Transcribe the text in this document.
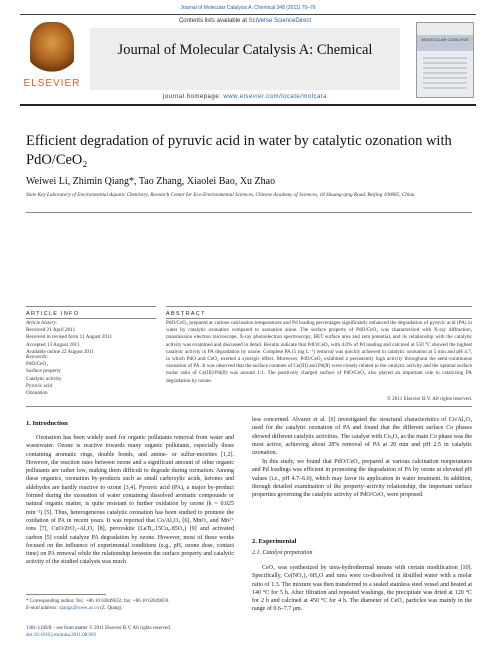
Journal of Molecular Catalysis A: Chemical 348 (2011) 70–76
ELSEVIER
Contents lists available at SciVerse ScienceDirect
Journal of Molecular Catalysis A: Chemical
journal homepage: www.elsevier.com/locate/molcata
MOLECULAR CATALYSIS
Efficient degradation of pyruvic acid in water by catalytic ozonation with PdO/CeO₂
Weiwei Li, Zhimin Qiang*, Tao Zhang, Xiaolei Bao, Xu Zhao
State Key Laboratory of Environmental Aquatic Chemistry, Research Center for Eco-Environmental Sciences, Chinese Academy of Sciences, 18 Shuang-qing Road, Beijing 100085, China
ARTICLE INFO
Article history:
Received 21 April 2011
Received in revised form 11 August 2011
Accepted 13 August 2011
Available online 22 August 2011
Keywords:
PdO/CeO₂
Surface property
Catalytic activity
Pyruvic acid
Ozonation
ABSTRACT
PdO/CeO₂ prepared at various calcination temperatures and Pd loading percentages significantly enhanced the degradation of pyruvic acid (PA) in water by catalytic ozonation compared to ozonation alone. The surface property of PdO/CeO₂ was characterized with X-ray diffraction, transmission electron microscope, X-ray photoelectron spectroscopy, BET surface area and zeta potential, and its relationship with the catalytic activity was examined and discussed in detail. Results indicate that PdO/CeO₂ with 4.0% of Pd loading and calcined at 550 °C showed the highest catalytic activity in PA degradation by ozone. Complete PA (5 mg L⁻¹) removal was quickly achieved in catalytic ozonation at 5 min and pH 4.7, in which PdO and CeO₂ exerted a synergic effect. Moreover, PdO/CeO₂ exhibited a persistently high activity throughout the semi-continuous ozonation of PA. It was observed that the surface contents of Ce(III) and Pd(II) were closely related to the catalytic activity and the optimal surface molar ratio of Ce(III)/Pd(II) was around 1:1. The positively charged surface of PdO/CeO₂ also played an important role in catalyzing PA degradation by ozone.
© 2011 Elsevier B.V. All rights reserved.
1. Introduction
Ozonation has been widely used for organic pollutants removal from water and wastewater. Ozone is reactive towards many organic pollutants, especially those containing aromatic rings, double bonds, and amine- or sulfur-moieties [1,2]. However, the reaction rates between ozone and a significant amount of other organic pollutants are rather low, making them difficult to degrade during ozonation. Among these organics, ozonation by-products such as small carboxylic acids, ketones and aldehydes are hardly reactive to ozone [3,4]. Pyruvic acid (PA), a major by-product formed during the ozonation of water containing dissolved aromatic compounds or natural organic matter, is quite resistant to further oxidation by ozone (k = 0.025 min⁻¹) [5]. Thus, heterogeneous catalytic ozonation has been studied to promote the oxidation of PA in recent years. It was reported that Co/Al₂O₃ [6], MnO₂ and Mn²⁺ ions [7], CuO/ZrO₂–Al₂O₃ [8], perovskite (LaTi₀.15Cu₀.85O₃) [9] and activated carbon [5] could catalyze PA degradation by ozone. However, most of these works focused on the influence of experimental conditions (e.g., pH, ozone dose, contact time) on PA removal while the relationship between the surface property and catalytic activity of the studied catalysts was much
less concerned. Alvarez et al. [6] investigated the structural characteristics of Co/Al₂O₃ used for the catalytic ozonation of PA and found that the different surface Co phases showed different catalytic activities. The catalyst with Co₃O₄ as the main Co phase was the most active, achieving about 28% removal of PA at 20 min and pH 2.5 in catalytic ozonation.
In this study, we found that PdO/CeO₂ prepared at various calcination temperatures and Pd loadings was efficient in promoting the degradation of PA by ozone at elevated pH values (i.e., pH 4.7–6.0), which may favor its application in water treatment. In addition, through detailed examination of the property–activity relationship, the important surface properties governing the catalytic activity of PdO/CeO₂ were proposed.
2. Experimental
2.1. Catalyst preparation
CeO₂ was synthesized by urea-hydrothermal means with certain modification [10]. Specifically, Ce(NO₃)₃·6H₂O and urea were co-dissolved in distilled water with a molar ratio of 1:3. The mixture was then transferred to a sealed stainless steel vessel and heated at 140 °C for 5 h. After filtration and repeated washings, the precipitate was dried at 120 °C for 2 h and calcined at 450 °C for 4 h. The diameter of CeO₂ particles was mainly in the range of 0.6–7.7 μm.
* Corresponding author. Tel.: +86 10 62849632; fax: +86 10 62849659.
E-mail address: qiangz@rcees.ac.cn (Z. Qiang).
1381-1169/$ – see front matter © 2011 Elsevier B.V. All rights reserved.
doi:10.1016/j.molcata.2011.08.003
